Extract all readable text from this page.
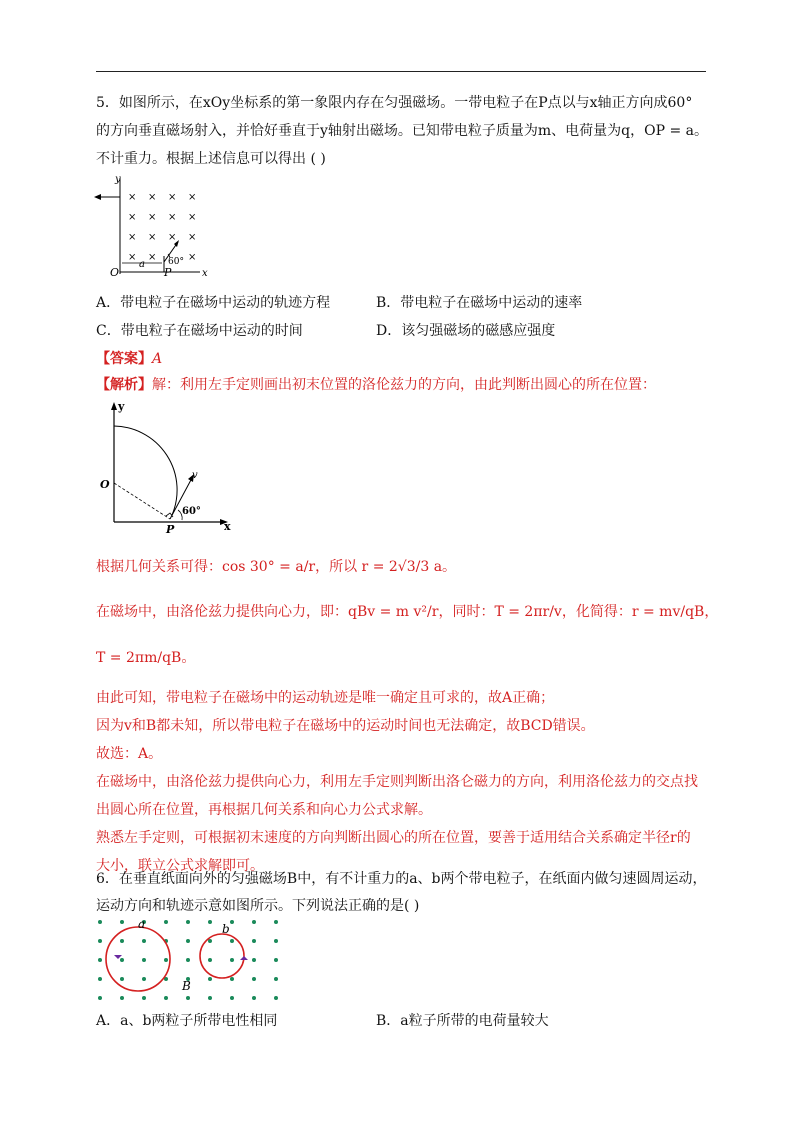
5．如图所示，在xOy坐标系的第一象限内存在匀强磁场。一带电粒子在P点以与x轴正方向成60°
的方向垂直磁场射入，并恰好垂直于y轴射出磁场。已知带电粒子质量为m、电荷量为q，OP = a。
不计重力。根据上述信息可以得出 ( )
y
x
O
a
P
60°
× × × ×
× × × ×
× × × ×
× ×	×
A．带电粒子在磁场中运动的轨迹方程	B．带电粒子在磁场中运动的速率
C．带电粒子在磁场中运动的时间	D．该匀强磁场的磁感应强度
【答案】A
【解析】解：利用左手定则画出初末位置的洛伦兹力的方向，由此判断出圆心的所在位置：
y
x
O
v
60°
P
根据几何关系可得：cos 30° = a/r，所以 r = 2√3/3 a。
在磁场中，由洛伦兹力提供向心力，即：qBv = m v²/r，同时：T = 2πr/v，化简得：r = mv/qB，
T = 2πm/qB。
由此可知，带电粒子在磁场中的运动轨迹是唯一确定且可求的，故A正确；
因为v和B都未知，所以带电粒子在磁场中的运动时间也无法确定，故BCD错误。
故选：A。
在磁场中，由洛伦兹力提供向心力，利用左手定则判断出洛仑磁力的方向，利用洛伦兹力的交点找
出圆心所在位置，再根据几何关系和向心力公式求解。
熟悉左手定则，可根据初末速度的方向判断出圆心的所在位置，要善于适用结合关系确定半径r的
大小，联立公式求解即可。
6．在垂直纸面向外的匀强磁场B中，有不计重力的a、b两个带电粒子，在纸面内做匀速圆周运动，
运动方向和轨迹示意如图所示。下列说法正确的是( )
a	b
B
A．a、b两粒子所带电性相同	B．a粒子所带的电荷量较大
